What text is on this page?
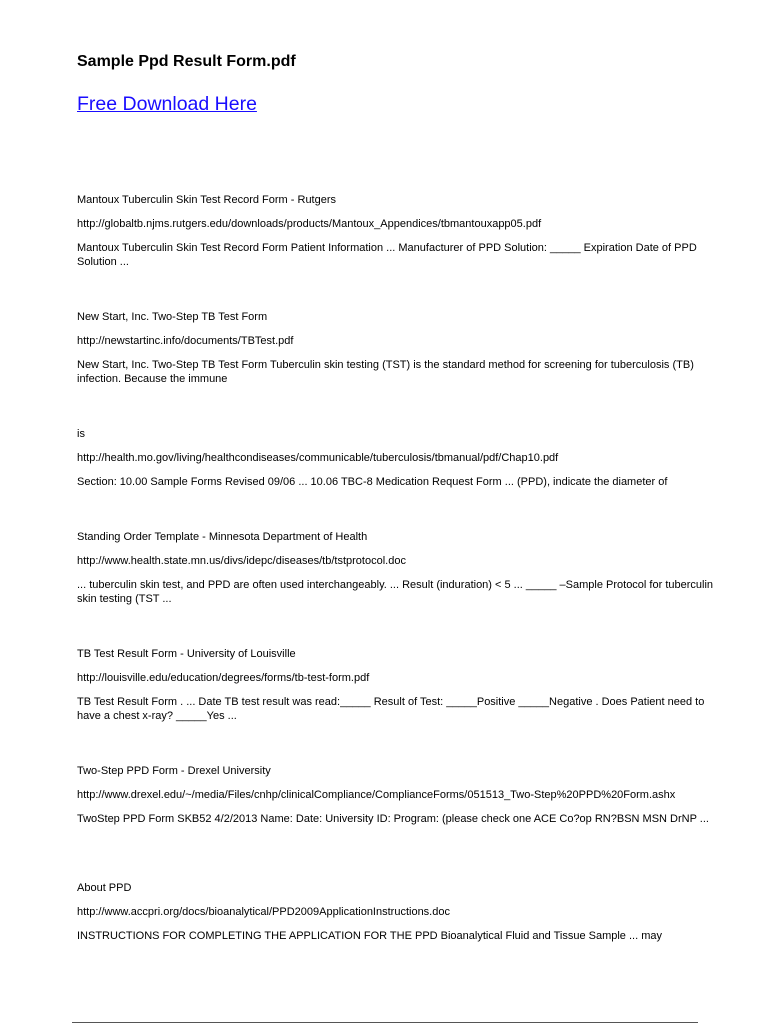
Sample Ppd Result Form.pdf
Free Download Here
Mantoux Tuberculin Skin Test Record Form - Rutgers
http://globaltb.njms.rutgers.edu/downloads/products/Mantoux_Appendices/tbmantouxapp05.pdf
Mantoux Tuberculin Skin Test Record Form Patient Information ... Manufacturer of PPD Solution: _____ Expiration Date of PPD Solution ...
New Start, Inc. Two-Step TB Test Form
http://newstartinc.info/documents/TBTest.pdf
New Start, Inc. Two-Step TB Test Form Tuberculin skin testing (TST) is the standard method for screening for tuberculosis (TB) infection. Because the immune
is
http://health.mo.gov/living/healthcondiseases/communicable/tuberculosis/tbmanual/pdf/Chap10.pdf
Section: 10.00 Sample Forms Revised 09/06 ... 10.06 TBC-8 Medication Request Form ... (PPD), indicate the diameter of
Standing Order Template - Minnesota Department of Health
http://www.health.state.mn.us/divs/idepc/diseases/tb/tstprotocol.doc
... tuberculin skin test, and PPD are often used interchangeably. ... Result (induration) < 5 ... _____ –Sample Protocol for tuberculin skin testing (TST ...
TB Test Result Form - University of Louisville
http://louisville.edu/education/degrees/forms/tb-test-form.pdf
TB Test Result Form . ... Date TB test result was read:_____ Result of Test: _____Positive _____Negative . Does Patient need to have a chest x-ray? _____Yes ...
Two-Step PPD Form - Drexel University
http://www.drexel.edu/~/media/Files/cnhp/clinicalCompliance/ComplianceForms/051513_Two-Step%20PPD%20Form.ashx
TwoStep PPD Form SKB52 4/2/2013 Name: Date: University ID: Program: (please check one ACE Co?op RN?BSN MSN DrNP ...
About PPD
http://www.accpri.org/docs/bioanalytical/PPD2009ApplicationInstructions.doc
INSTRUCTIONS FOR COMPLETING THE APPLICATION FOR THE PPD Bioanalytical Fluid and Tissue Sample ... may
